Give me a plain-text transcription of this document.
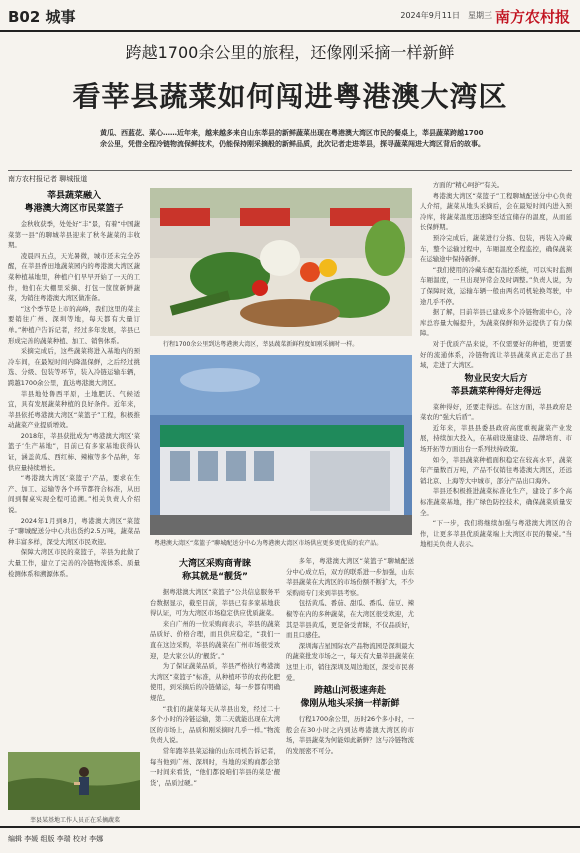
B02 城事	2024年9月11日　 星期三 南方农村报
跨越1700余公里的旅程，还像刚采摘一样新鲜
看莘县蔬菜如何闯进粤港澳大湾区
黄瓜、西蓝花、菜心……近年来，越来越多来自山东莘县的新鲜蔬菜出现在粤港澳大湾区市民的餐桌上，莘县蔬菜跨越1700余公里，凭借全程冷链物流保鲜技术，仍能保持刚采摘般的新鲜品质，此次记者走进莘县，探寻蔬菜闯进大湾区背后的故事。
南方农村报记者 聊城报道
莘县蔬菜融入
粤港澳大湾区市民菜篮子

金秋收获季，处处好“丰”景，有着“中国蔬菜第一县”的聊城莘县迎来了秋冬蔬菜的丰收期。

凌晨四五点，天光暑微，城市还未完全苏醒，在莘县香田地蔬菜园内的粤港澳大湾区蔬菜种植基地里，种植户们早早开始了一天的工作，他们在大棚里采摘、打包一筐筐新鲜蔬菜，为销往粤港澳大湾区做准备。

“这个季节是上市的高峰，我们这里的菜主要销往广州、深圳等地，每天都有大量订单。”种植户告诉记者，经过多年发展，莘县已形成完善的蔬菜种植、加工、销售体系。

采摘完成后，这些蔬菜将进入基地内的预冷车间，在最短时间内降温保鲜，之后经过挑选、分级、包装等环节，装入冷链运输车辆，跨越1700余公里，直达粤港澳大湾区。

莘县地处鲁西平原，土地肥沃、气候适宜，具有发展蔬菜种植的良好条件。近年来，莘县依托粤港澳大湾区“菜篮子”工程，积极推动蔬菜产业提质增效。

2018年，莘县获批成为“粤港澳大湾区‘菜篮子’生产基地”，目前已有多家基地获得认证，涵盖黄瓜、西红柿、辣椒等多个品种，年供应量持续增长。

“粤港澳大湾区‘菜篮子’产品，要求在生产、加工、运输等各个环节都符合标准，从田间到餐桌实现全程可追溯。”相关负责人介绍说。

2024年1月到8月，粤港澳大湾区“菜篮子”聊城配送分中心共出货约2.5万吨，蔬菜品种丰富多样，深受大湾区市民欢迎。

保障大湾区市民的菜篮子，莘县为此做了大量工作，建立了完善的冷链物流体系、质量检测体系和溯源体系。

莘县某基地工作人员正在采摘蔬菜
行程1700余公里到达粤港澳大湾区，莘县蔬菜新鲜程度如刚采摘时一样。
粤港澳大湾区“菜篮子”聊城配送分中心为粤港澳大湾区市场供应更多更优质的农产品。
大湾区采购商青睐
称其就是“靓货”

据粤港澳大湾区“菜篮子”公共信息服务平台数据显示，截至目前，莘县已有多家基地获得认证，可为大湾区市场稳定供应优质蔬菜。

来自广州的一位采购商表示，莘县的蔬菜品质好、价格合理，而且供应稳定，“我们一直在这边采购，莘县的蔬菜在广州市场很受欢迎，是大家公认的‘靓货’。”

为了保证蔬菜品质，莘县严格执行粤港澳大湾区“菜篮子”标准，从种植环节的农药化肥使用，到采摘后的冷链储运，每一步都有明确规范。

“我们的蔬菜每天从莘县出发，经过二十多个小时的冷链运输，第二天就能出现在大湾区的市场上，品质和刚采摘时几乎一样。”物流负责人说。

常年跑莘县菜运输的山东司机告诉记者，每当他到广州、深圳时，当地的采购商都会第一时间来看货，“他们都说咱们莘县的菜是‘靓货’，品质过硬。”

多年，粤港澳大湾区“菜篮子”聊城配送分中心成立后，双方的联系进一步加强，山东莘县蔬菜在大湾区的市场份额不断扩大，不少采购商专门来到莘县考察。

包括黄瓜、番茄、甜瓜、番瓜、茄豆、辣椒等在内的多种蔬菜，在大湾区很受欢迎，尤其是莘县黄瓜，更是备受青睐，不仅品质好，而且口感佳。

深圳海吉星国际农产品物流园是深圳最大的蔬菜批发市场之一，每天有大量莘县蔬菜在这里上市，销往深圳及周边地区，深受市民喜爱。

跨越山河极速奔赴
像刚从地头采摘一样新鲜

行程1700余公里，历时26个多小时，一般会在30小时之内到达粤港澳大湾区的市场，莘县蔬菜为何能如此新鲜？这与冷链物流的发展密不可分。

方面的“精心呵护”有关。

粤港澳大湾区“菜篮子”工程聊城配送分中心负责人介绍，蔬菜从地头采摘后，会在最短时间内进入预冷库，将蔬菜温度迅速降至适宜储存的温度，从而延长保鲜期。

预冷完成后，蔬菜进行分拣、包装，再装入冷藏车，整个运输过程中，车厢温度全程监控，确保蔬菜在运输途中保持新鲜。

“我们使用的冷藏车配有温控系统，可以实时监测车厢温度，一旦出现异常会及时调整。”负责人说，为了保障时效，运输车辆一般由两名司机轮换驾驶，中途几乎不停。

据了解，目前莘县已建成多个冷链物流中心，冷库总容量大幅提升，为蔬菜保鲜和外运提供了有力保障。

对于优质产品来说，不仅需要好的种植，更需要好的流通体系，冷链物流让莘县蔬菜真正走出了县域，走进了大湾区。

物业民安大后方
莘县蔬菜种得好走得远

菜种得好，还要走得远。在这方面，莘县政府是菜农的“强大后盾”。

近年来，莘县县委县政府高度重视蔬菜产业发展，持续加大投入，在基础设施建设、品牌培育、市场开拓等方面出台一系列扶持政策。

如今，莘县蔬菜种植面积稳定在较高水平，蔬菜年产量数百万吨，产品不仅销往粤港澳大湾区，还远销北京、上海等大中城市，部分产品出口海外。

莘县还积极推进蔬菜标准化生产，建设了多个高标准蔬菜基地，推广绿色防控技术，确保蔬菜质量安全。

“下一步，我们将继续加强与粤港澳大湾区的合作，让更多莘县优质蔬菜端上大湾区市民的餐桌。”当地相关负责人表示。

编辑 李媛 组版 李瑞 校对 李娜
